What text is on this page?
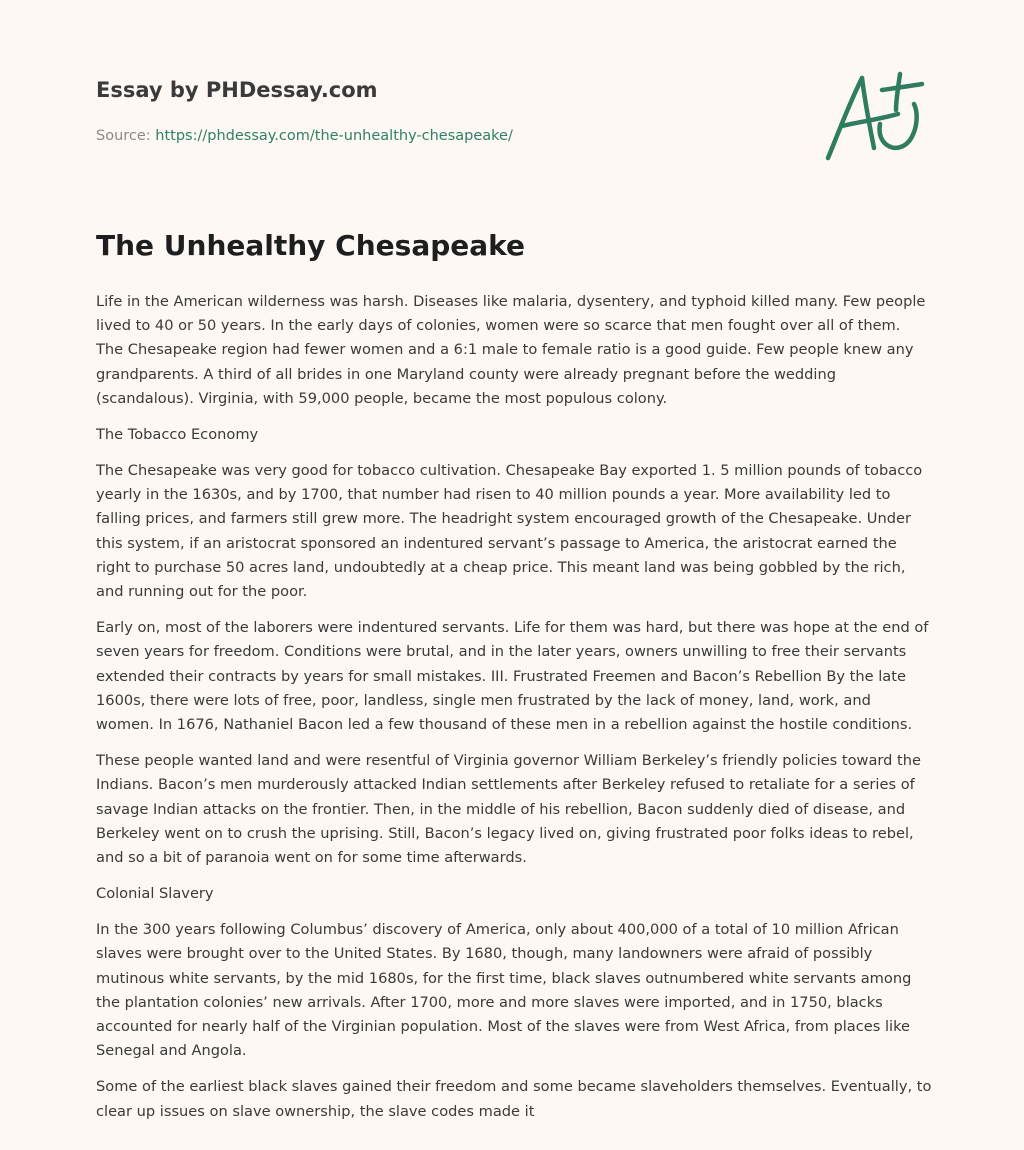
Essay by PHDessay.com
Source: https://phdessay.com/the-unhealthy-chesapeake/
The Unhealthy Chesapeake

Life in the American wilderness was harsh. Diseases like malaria, dysentery, and typhoid killed many. Few people lived to 40 or 50 years. In the early days of colonies, women were so scarce that men fought over all of them. The Chesapeake region had fewer women and a 6:1 male to female ratio is a good guide. Few people knew any grandparents. A third of all brides in one Maryland county were already pregnant before the wedding (scandalous). Virginia, with 59,000 people, became the most populous colony.

The Tobacco Economy

The Chesapeake was very good for tobacco cultivation. Chesapeake Bay exported 1. 5 million pounds of tobacco yearly in the 1630s, and by 1700, that number had risen to 40 million pounds a year. More availability led to falling prices, and farmers still grew more. The headright system encouraged growth of the Chesapeake. Under this system, if an aristocrat sponsored an indentured servant’s passage to America, the aristocrat earned the right to purchase 50 acres land, undoubtedly at a cheap price. This meant land was being gobbled by the rich, and running out for the poor.

Early on, most of the laborers were indentured servants. Life for them was hard, but there was hope at the end of seven years for freedom. Conditions were brutal, and in the later years, owners unwilling to free their servants extended their contracts by years for small mistakes. III. Frustrated Freemen and Bacon’s Rebellion By the late 1600s, there were lots of free, poor, landless, single men frustrated by the lack of money, land, work, and women. In 1676, Nathaniel Bacon led a few thousand of these men in a rebellion against the hostile conditions.

These people wanted land and were resentful of Virginia governor William Berkeley’s friendly policies toward the Indians. Bacon’s men murderously attacked Indian settlements after Berkeley refused to retaliate for a series of savage Indian attacks on the frontier. Then, in the middle of his rebellion, Bacon suddenly died of disease, and Berkeley went on to crush the uprising. Still, Bacon’s legacy lived on, giving frustrated poor folks ideas to rebel, and so a bit of paranoia went on for some time afterwards.

Colonial Slavery

In the 300 years following Columbus’ discovery of America, only about 400,000 of a total of 10 million African slaves were brought over to the United States. By 1680, though, many landowners were afraid of possibly mutinous white servants, by the mid 1680s, for the first time, black slaves outnumbered white servants among the plantation colonies’ new arrivals. After 1700, more and more slaves were imported, and in 1750, blacks accounted for nearly half of the Virginian population. Most of the slaves were from West Africa, from places like Senegal and Angola.

Some of the earliest black slaves gained their freedom and some became slaveholders themselves. Eventually, to clear up issues on slave ownership, the slave codes made it
